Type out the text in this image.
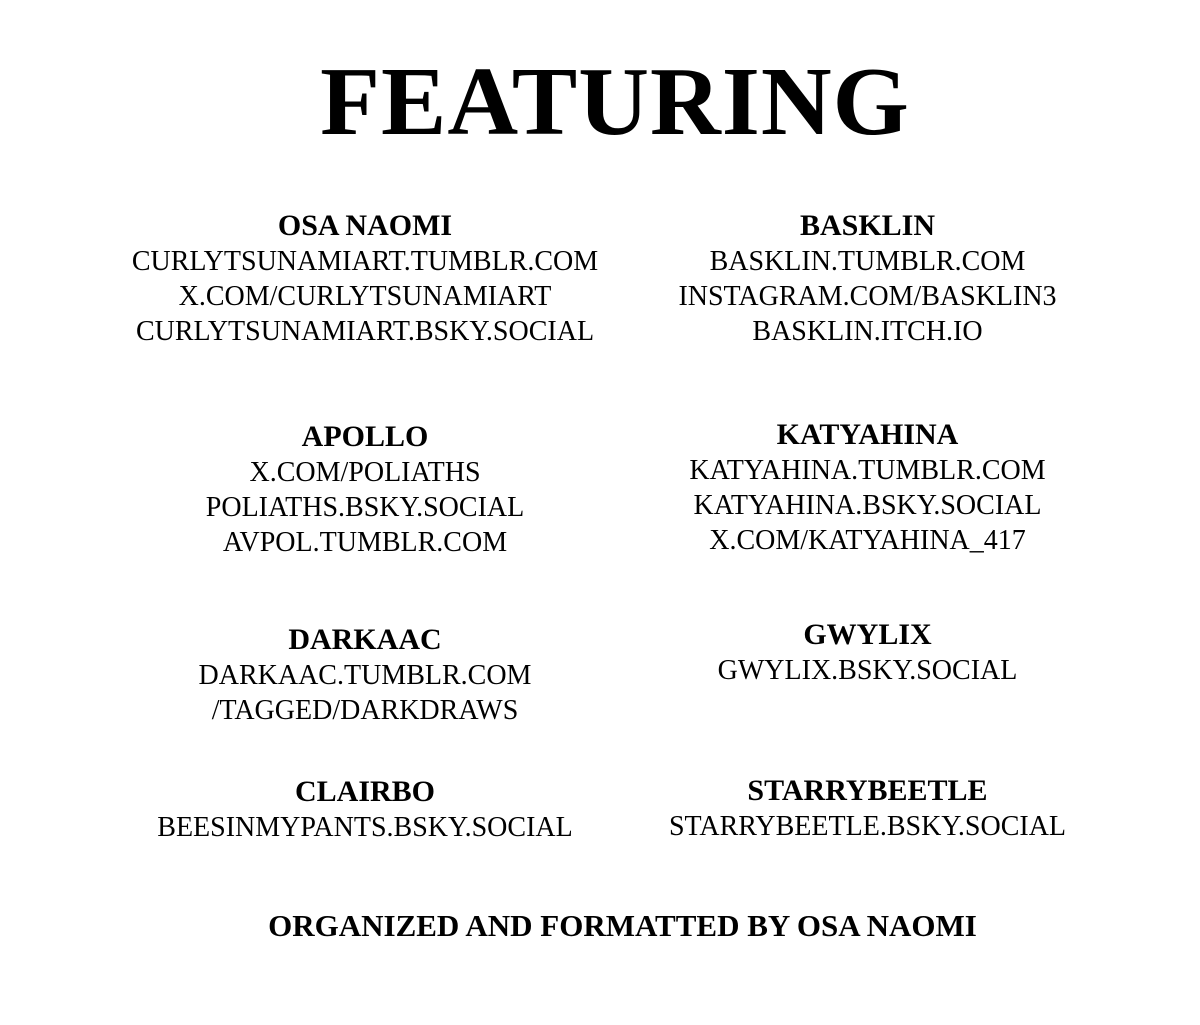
FEATURING
OSA NAOMI
CURLYTSUNAMIART.TUMBLR.COM
X.COM/CURLYTSUNAMIART
CURLYTSUNAMIART.BSKY.SOCIAL
BASKLIN
BASKLIN.TUMBLR.COM
INSTAGRAM.COM/BASKLIN3
BASKLIN.ITCH.IO
APOLLO
X.COM/POLIATHS
POLIATHS.BSKY.SOCIAL
AVPOL.TUMBLR.COM
KATYAHINA
KATYAHINA.TUMBLR.COM
KATYAHINA.BSKY.SOCIAL
X.COM/KATYAHINA_417
DARKAAC
DARKAAC.TUMBLR.COM
/TAGGED/DARKDRAWS
GWYLIX
GWYLIX.BSKY.SOCIAL
CLAIRBO
BEESINMYPANTS.BSKY.SOCIAL
STARRYBEETLE
STARRYBEETLE.BSKY.SOCIAL
ORGANIZED AND FORMATTED BY OSA NAOMI
